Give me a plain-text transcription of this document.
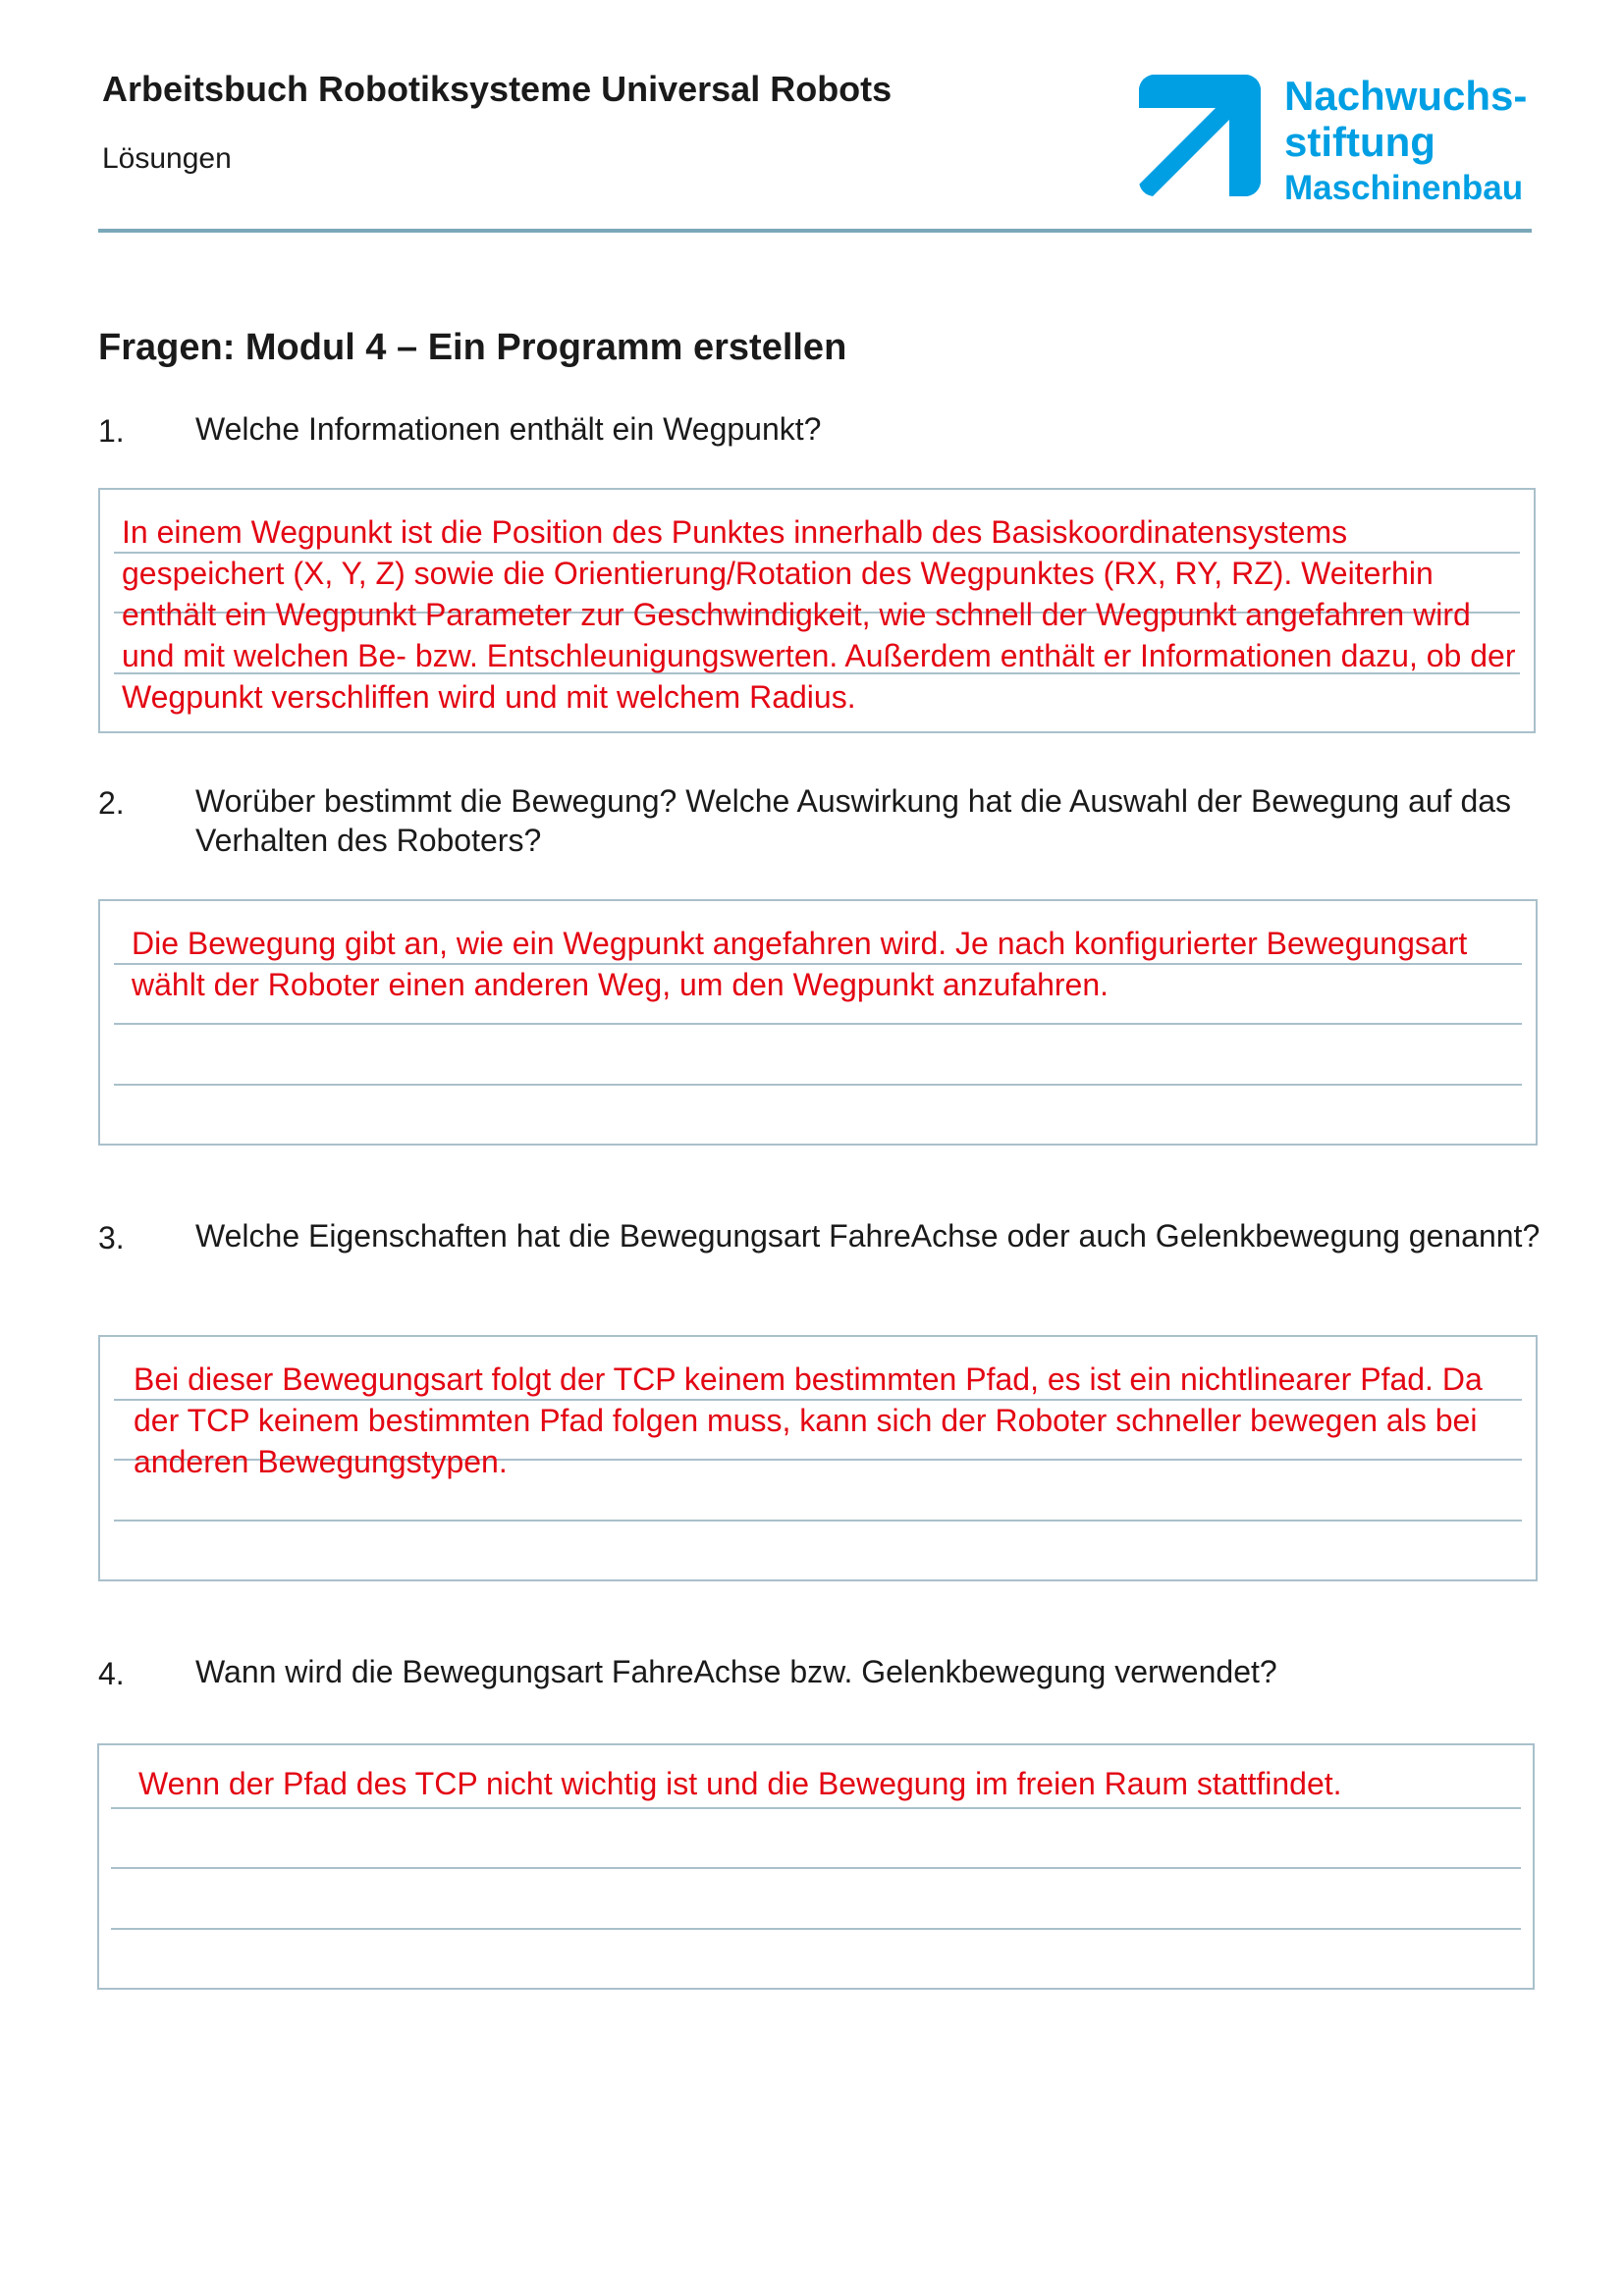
Arbeitsbuch Robotiksysteme Universal Robots
Lösungen
Nachwuchs-
stiftung
Maschinenbau
Fragen: Modul 4 – Ein Programm erstellen
1. Welche Informationen enthält ein Wegpunkt?
In einem Wegpunkt ist die Position des Punktes innerhalb des Basiskoordinatensystems gespeichert (X, Y, Z) sowie die Orientierung/Rotation des Wegpunktes (RX, RY, RZ). Weiterhin enthält ein Wegpunkt Parameter zur Geschwindigkeit, wie schnell der Wegpunkt angefahren wird und mit welchen Be- bzw. Entschleunigungswerten. Außerdem enthält er Informationen dazu, ob der Wegpunkt verschliffen wird und mit welchem Radius.
2. Worüber bestimmt die Bewegung? Welche Auswirkung hat die Auswahl der Bewegung auf das Verhalten des Roboters?
Die Bewegung gibt an, wie ein Wegpunkt angefahren wird. Je nach konfigurierter Bewegungsart wählt der Roboter einen anderen Weg, um den Wegpunkt anzufahren.
3. Welche Eigenschaften hat die Bewegungsart FahreAchse oder auch Gelenkbewegung genannt?
Bei dieser Bewegungsart folgt der TCP keinem bestimmten Pfad, es ist ein nichtlinearer Pfad. Da der TCP keinem bestimmten Pfad folgen muss, kann sich der Roboter schneller bewegen als bei anderen Bewegungstypen.
4. Wann wird die Bewegungsart FahreAchse bzw. Gelenkbewegung verwendet?
Wenn der Pfad des TCP nicht wichtig ist und die Bewegung im freien Raum stattfindet.
